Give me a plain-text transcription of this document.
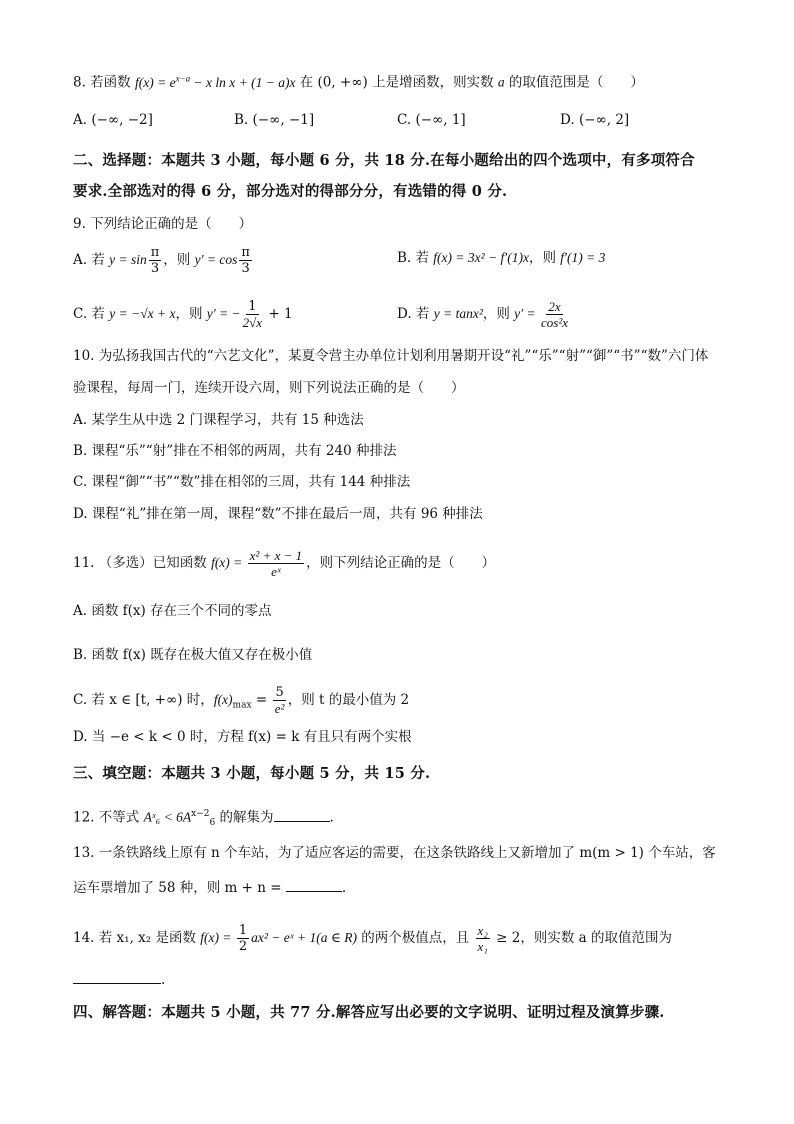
8. 若函数 $f(x) = e^{x-a} - x$ ln x + (1 − a)x 在 (0, +∞) 上是增函数，则实数 a 的取值范围是（　　）
A. (−∞, −2]	B. (−∞, −1]	C. (−∞, 1]	D. (−∞, 2]
二、选择题：本题共 3 小题，每小题 6 分，共 18 分.在每小题给出的四个选项中，有多项符合
要求.全部选对的得 6 分，部分选对的得部分分，有选错的得 0 分.
9. 下列结论正确的是（　　）
A. 若 $y = \sin \frac{\pi}{3}$ ，则 $y' = \cos \frac{\pi}{3}$	B. 若 f(x) = 3x² − f′(1)x，则 f′(1) = 3
C. 若 y = −√x + x，则 y′ = − $\frac{1}{2√x} + 1$	D. 若 y = tanx²，则 $y' = \frac{2x}{\text{cos²x}}$
10. 为弘扬我国古代的“六艺文化”，某夏令营主办单位计划利用暑期开设“礼”“乐”“射”“御”“书”“数”六门体
验课程，每周一门，连续开设六周，则下列说法正确的是（　　）
A. 某学生从中选 2 门课程学习，共有 15 种选法
B. 课程“乐”“射”排在不相邻的两周，共有 240 种排法
C. 课程“御”“书”“数”排在相邻的三周，共有 144 种排法
D. 课程“礼”排在第一周，课程“数”不排在最后一周，共有 96 种排法
11. （多选）已知函数 $f(x) = \frac{\text{x² + x − 1}}{\text{eˣ}}$ ，则下列结论正确的是（　　）
A. 函数 f(x) 存在三个不同的零点
B. 函数 f(x) 既存在极大值又存在极小值
C. 若 x ∈ [t, +∞) 时，$f(x)_{max} = \frac{5}{\text{e²}}$ ，则 t 的最小值为 2
D. 当 −e < k < 0 时，方程 f(x) = k 有且只有两个实根
三、填空题：本题共 3 小题，每小题 5 分，共 15 分.
12. 不等式 Aˣ₆ < $6A^{x-2}_6$ 的解集为	.
13. 一条铁路线上原有 n 个车站，为了适应客运的需要，在这条铁路线上又新增加了 m(m > 1) 个车站，客
运车票增加了 58 种，则 m + n =	.
14. 若 x₁, x₂ 是函数 $f(x) = \frac{1}{2} ax^2$ − eˣ + 1(a ∈ R) 的两个极值点，且 $\frac{\text{x₂}}{\text{x₁}} \ge 2$，则实数 a 的取值范围为
.
四、解答题：本题共 5 小题，共 77 分.解答应写出必要的文字说明、证明过程及演算步骤.
